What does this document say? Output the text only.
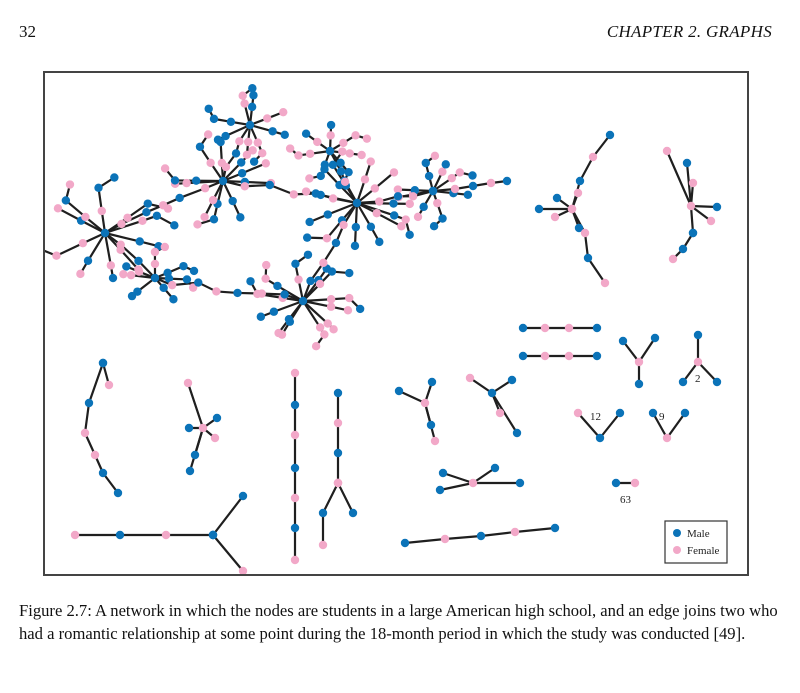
32	CHAPTER 2. GRAPHS
2
12	9
63
Male
Female
Figure 2.7: A network in which the nodes are students in a large American high school, and an edge joins two who had a romantic relationship at some point during the 18-month period in which the study was conducted [49].
